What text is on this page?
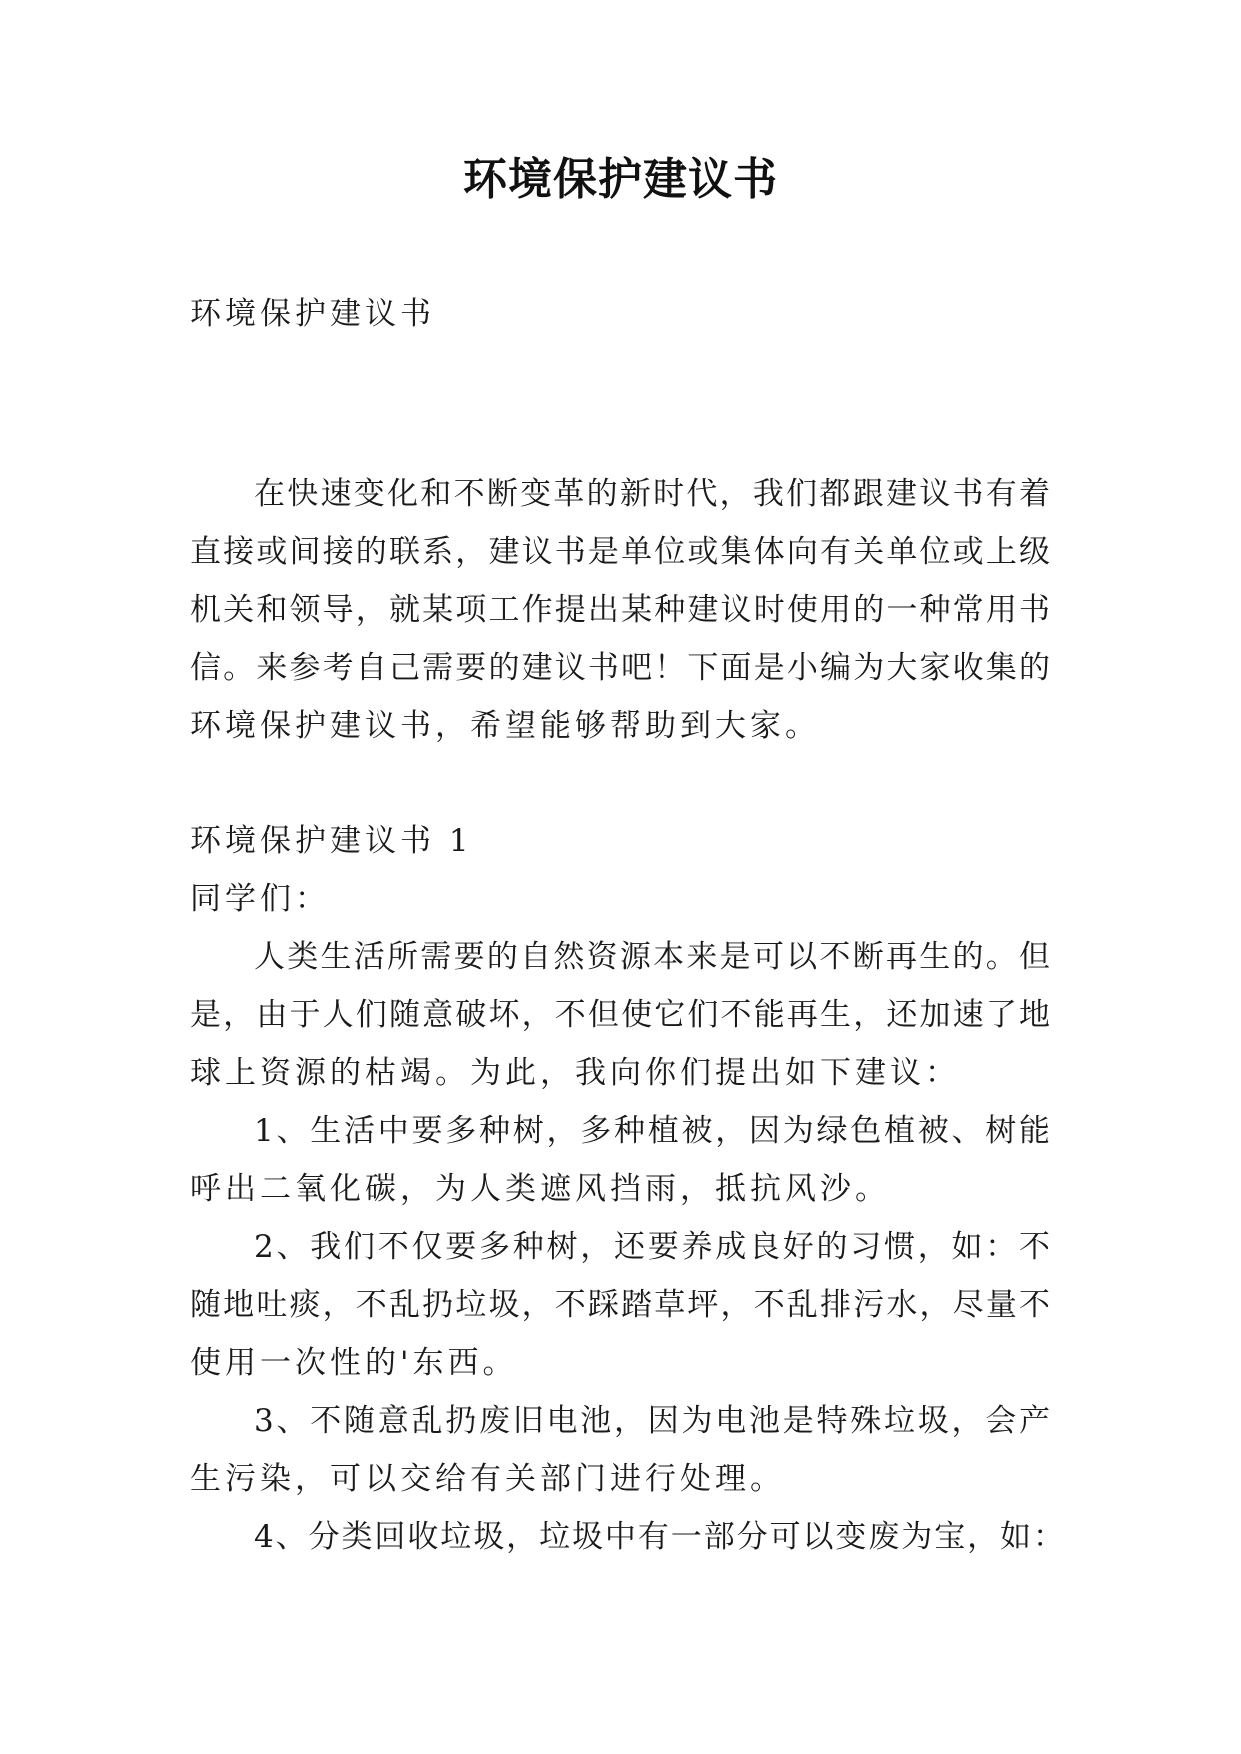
环境保护建议书
环境保护建议书
在快速变化和不断变革的新时代，我们都跟建议书有着
直接或间接的联系，建议书是单位或集体向有关单位或上级
机关和领导，就某项工作提出某种建议时使用的一种常用书
信。来参考自己需要的建议书吧！下面是小编为大家收集的
环境保护建议书，希望能够帮助到大家。
环境保护建议书 1
同学们：
人类生活所需要的自然资源本来是可以不断再生的。但
是，由于人们随意破坏，不但使它们不能再生，还加速了地
球上资源的枯竭。为此，我向你们提出如下建议：
1、生活中要多种树，多种植被，因为绿色植被、树能
呼出二氧化碳，为人类遮风挡雨，抵抗风沙。
2、我们不仅要多种树，还要养成良好的习惯，如：不
随地吐痰，不乱扔垃圾，不踩踏草坪，不乱排污水，尽量不
使用一次性的'东西。
3、不随意乱扔废旧电池，因为电池是特殊垃圾，会产
生污染，可以交给有关部门进行处理。
4、分类回收垃圾，垃圾中有一部分可以变废为宝，如：
